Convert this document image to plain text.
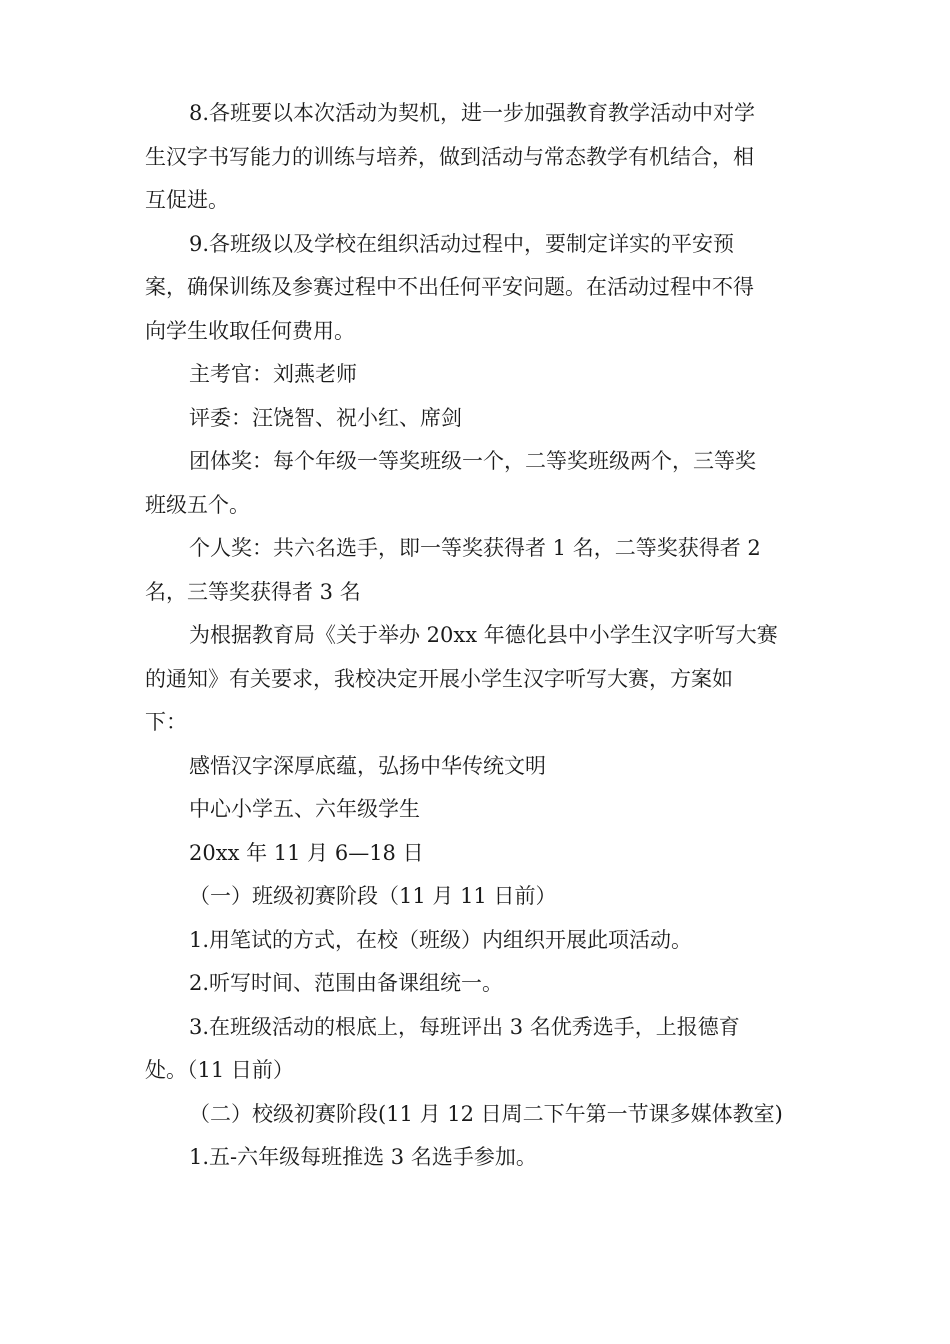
8.各班要以本次活动为契机，进一步加强教育教学活动中对学
生汉字书写能力的训练与培养，做到活动与常态教学有机结合，相
互促进。
9.各班级以及学校在组织活动过程中，要制定详实的平安预
案，确保训练及参赛过程中不出任何平安问题。在活动过程中不得
向学生收取任何费用。
主考官：刘燕老师
评委：汪饶智、祝小红、席剑
团体奖：每个年级一等奖班级一个，二等奖班级两个，三等奖
班级五个。
个人奖：共六名选手，即一等奖获得者 1 名，二等奖获得者 2
名，三等奖获得者 3 名
为根据教育局《关于举办 20xx 年德化县中小学生汉字听写大赛
的通知》有关要求，我校决定开展小学生汉字听写大赛，方案如
下：
感悟汉字深厚底蕴，弘扬中华传统文明
中心小学五、六年级学生
20xx 年 11 月 6—18 日
（一）班级初赛阶段（11 月 11 日前）
1.用笔试的方式，在校（班级）内组织开展此项活动。
2.听写时间、范围由备课组统一。
3.在班级活动的根底上，每班评出 3 名优秀选手，上报德育
处。（11 日前）
（二）校级初赛阶段(11 月 12 日周二下午第一节课多媒体教室)
1.五-六年级每班推选 3 名选手参加。
